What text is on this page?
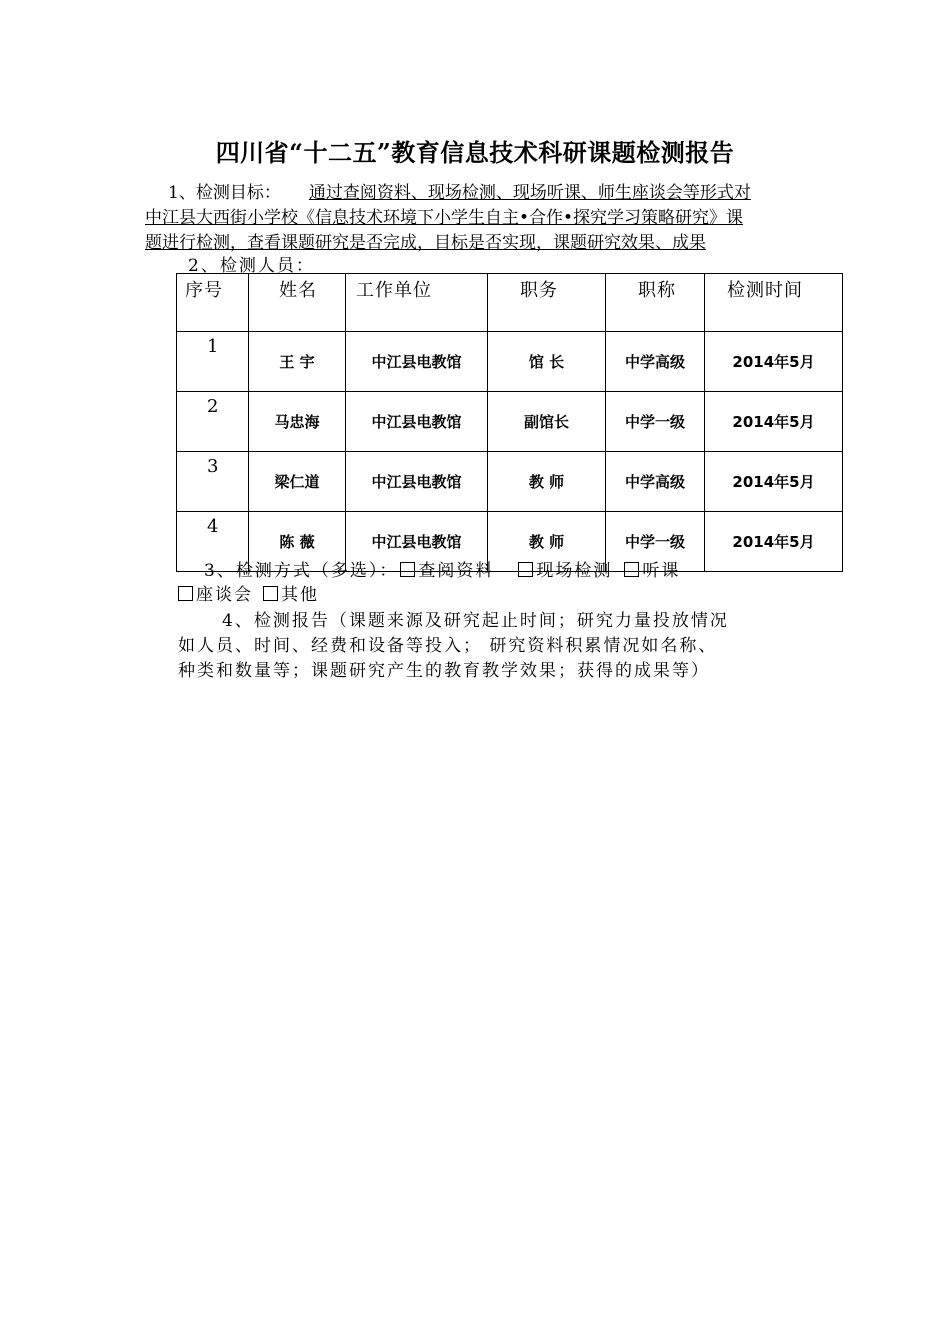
四川省“十二五”教育信息技术科研课题检测报告
1、检测目标： 通过查阅资料、现场检测、现场听课、师生座谈会等形式对
中江县大西街小学校《信息技术环境下小学生自主•合作•探究学习策略研究》课
题进行检测，查看课题研究是否完成，目标是否实现，课题研究效果、成果
2、检测人员：
序号	姓名	工作单位	职务	职称	检测时间
1	王 宇	中江县电教馆	馆 长	中学高级	2014年5月
2	马忠海	中江县电教馆	副馆长	中学一级	2014年5月
3	梁仁道	中江县电教馆	教 师	中学高级	2014年5月
4	陈 薇	中江县电教馆	教 师	中学一级	2014年5月
3、检测方式（多选）： 查阅资料 现场检测 听课
座谈会 其他
4、检测报告（课题来源及研究起止时间；研究力量投放情况
如人员、时间、经费和设备等投入； 研究资料积累情况如名称、
种类和数量等；课题研究产生的教育教学效果；获得的成果等）
